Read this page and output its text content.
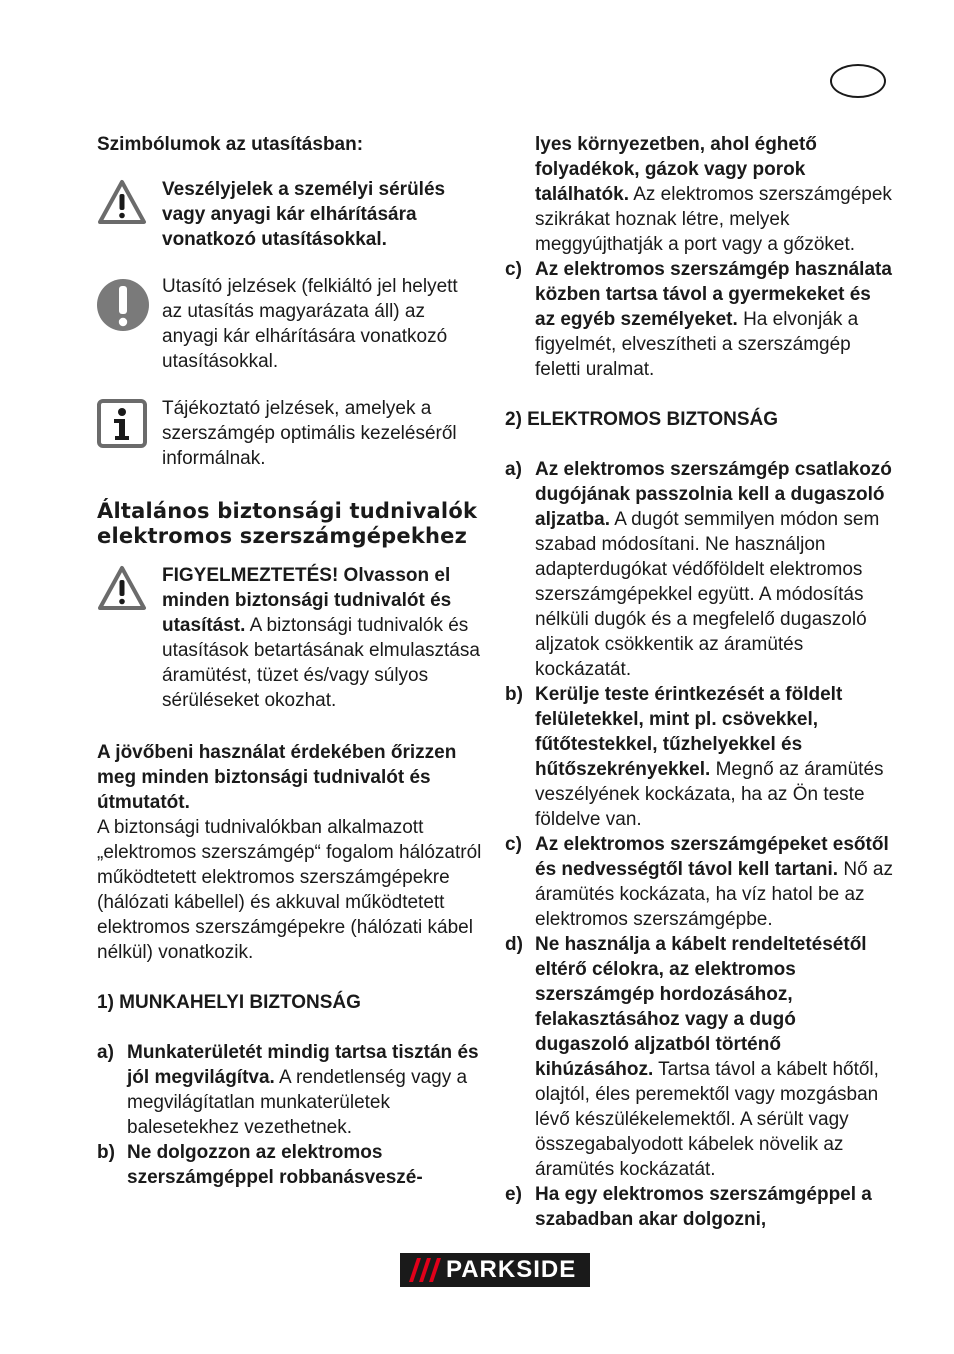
Szimbólumok az utasításban:
Veszélyjelek a személyi sérülés vagy anyagi kár elhárítására vonatkozó utasításokkal.
Utasító jelzések (felkiáltó jel helyett az utasítás magyarázata áll) az anyagi kár elhárítására vonatkozó utasításokkal.
Tájékoztató jelzések, amelyek a szerszámgép optimális kezeléséről informálnak.
Általános biztonsági tudnivalók elektromos szerszámgépekhez
FIGYELMEZTETÉS! Olvasson el minden biztonsági tudnivalót és utasítást. A biztonsági tudnivalók és utasítások betartásának elmulasztása áramütést, tüzet és/vagy súlyos sérüléseket okozhat.
A jövőbeni használat érdekében őrizzen meg minden biztonsági tudnivalót és útmutatót.
A biztonsági tudnivalókban alkalmazott „elektromos szerszámgép“ fogalom hálózatról működtetett elektromos szerszámgépekre (hálózati kábellel) és akkuval működtetett elektromos szerszámgépekre (hálózati kábel nélkül) vonatkozik.
1) MUNKAHELYI BIZTONSÁG
a) Munkaterületét mindig tartsa tisztán és jól megvilágítva. A rendetlenség vagy a megvilágítatlan munkaterületek balesetekhez vezethetnek.
b) Ne dolgozzon az elektromos szerszámgéppel robbanásveszé-
lyes környezetben, ahol éghető folyadékok, gázok vagy porok találhatók. Az elektromos szerszámgépek szikrákat hoznak létre, melyek meggyújthatják a port vagy a gőzöket.
c) Az elektromos szerszámgép használata közben tartsa távol a gyermekeket és az egyéb személyeket. Ha elvonják a figyelmét, elveszítheti a szerszámgép feletti uralmat.
2) ELEKTROMOS BIZTONSÁG
a) Az elektromos szerszámgép csatlakozó dugójának passzolnia kell a dugaszoló aljzatba. A dugót semmilyen módon sem szabad módosítani. Ne használjon adapterdugókat védőföldelt elektromos szerszámgépekkel együtt. A módosítás nélküli dugók és a megfelelő dugaszoló aljzatok csökkentik az áramütés kockázatát.
b) Kerülje teste érintkezését a földelt felületekkel, mint pl. csövekkel, fűtőtestekkel, tűzhelyekkel és hűtőszekrényekkel. Megnő az áramütés veszélyének kockázata, ha az Ön teste földelve van.
c) Az elektromos szerszámgépeket esőtől és nedvességtől távol kell tartani. Nő az áramütés kockázata, ha víz hatol be az elektromos szerszámgépbe.
d) Ne használja a kábelt rendeltetésétől eltérő célokra, az elektromos szerszámgép hordozásához, felakasztásához vagy a dugó dugaszoló aljzatból történő kihúzásához. Tartsa távol a kábelt hőtől, olajtól, éles peremektől vagy mozgásban lévő készülékelemektől. A sérült vagy összegabalyodott kábelek növelik az áramütés kockázatát.
e) Ha egy elektromos szerszámgéppel a szabadban akar dolgozni,
PARKSIDE
